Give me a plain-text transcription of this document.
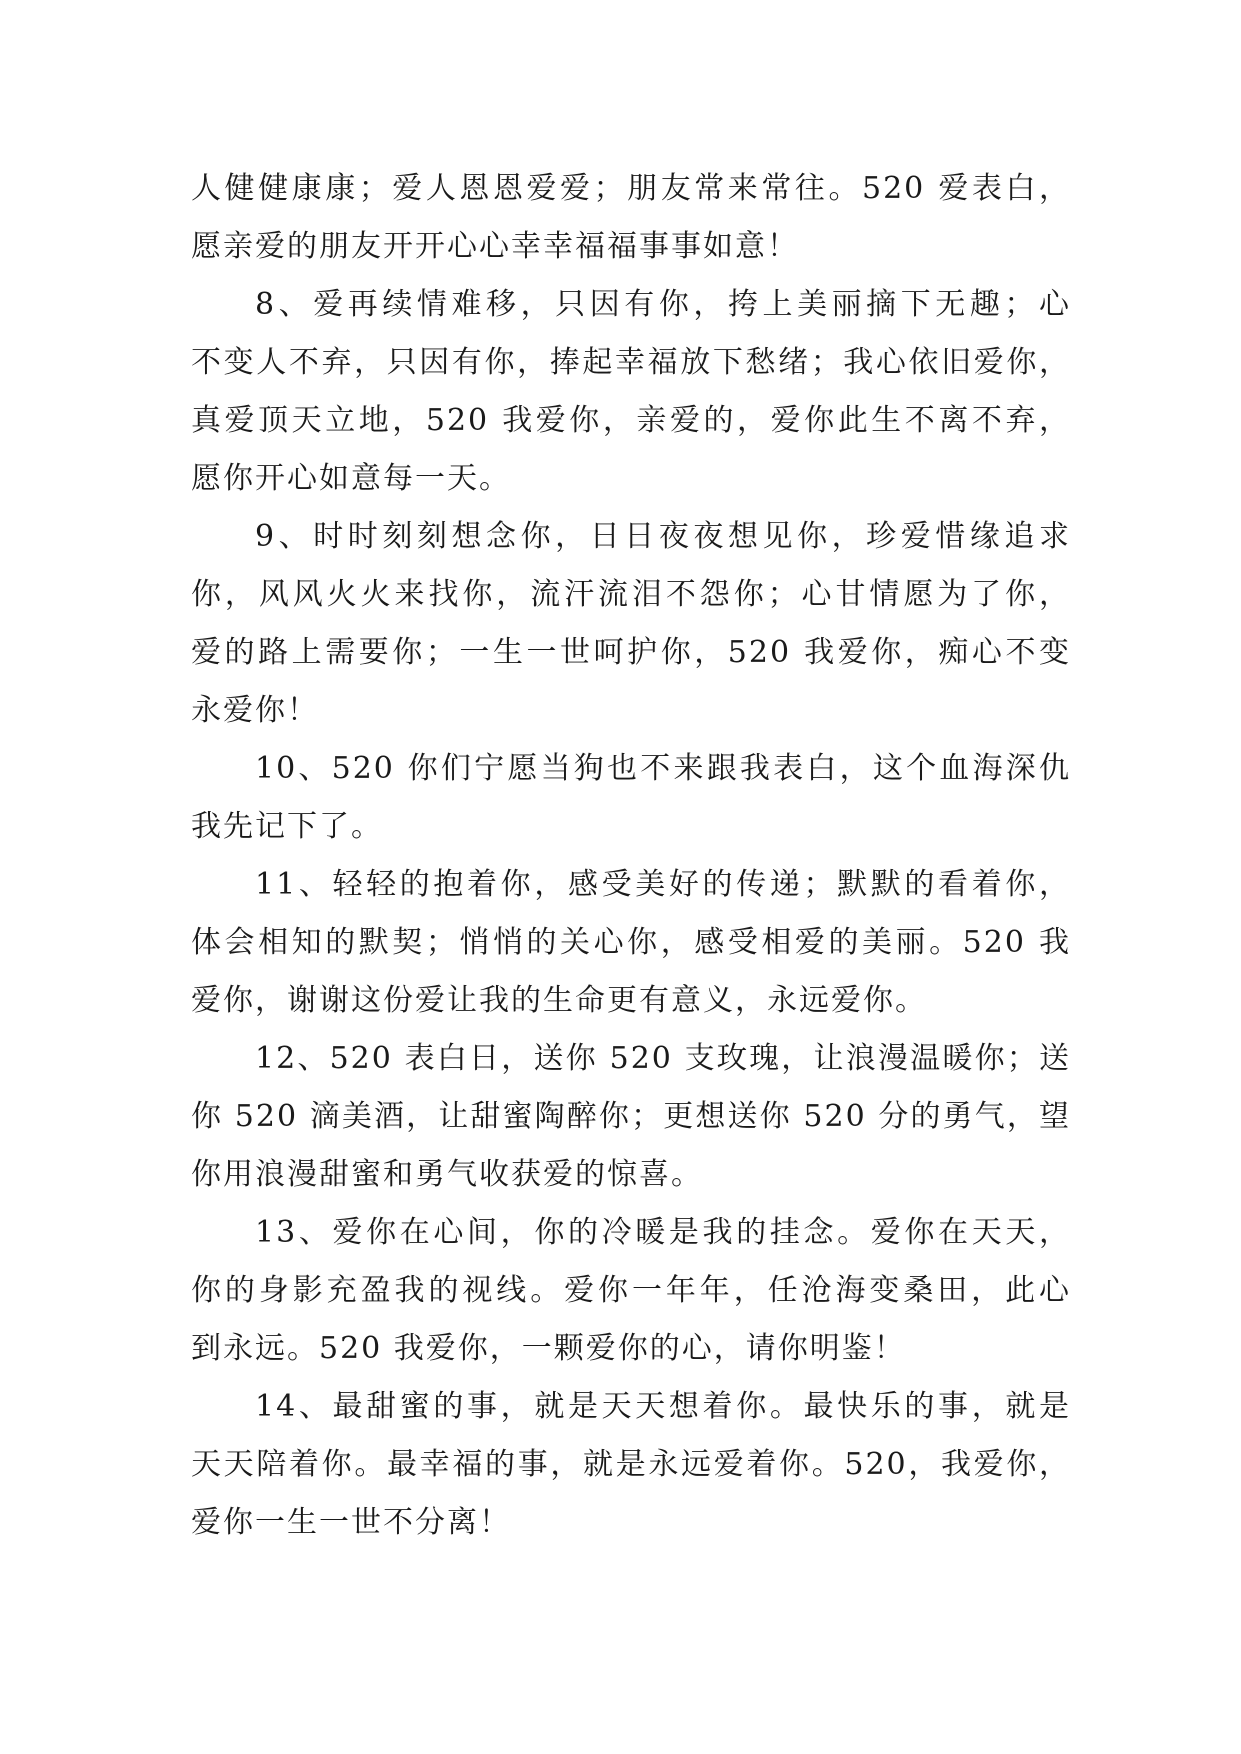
人健健康康；爱人恩恩爱爱；朋友常来常往。520 爱表白，
愿亲爱的朋友开开心心幸幸福福事事如意！
8、爱再续情难移，只因有你，挎上美丽摘下无趣；心
不变人不弃，只因有你，捧起幸福放下愁绪；我心依旧爱你，
真爱顶天立地，520 我爱你，亲爱的，爱你此生不离不弃，
愿你开心如意每一天。
9、时时刻刻想念你，日日夜夜想见你，珍爱惜缘追求
你，风风火火来找你，流汗流泪不怨你；心甘情愿为了你，
爱的路上需要你；一生一世呵护你，520 我爱你，痴心不变
永爱你！
10、520 你们宁愿当狗也不来跟我表白，这个血海深仇
我先记下了。
11、轻轻的抱着你，感受美好的传递；默默的看着你，
体会相知的默契；悄悄的关心你，感受相爱的美丽。520 我
爱你，谢谢这份爱让我的生命更有意义，永远爱你。
12、520 表白日，送你 520 支玫瑰，让浪漫温暖你；送
你 520 滴美酒，让甜蜜陶醉你；更想送你 520 分的勇气，望
你用浪漫甜蜜和勇气收获爱的惊喜。
13、爱你在心间，你的冷暖是我的挂念。爱你在天天，
你的身影充盈我的视线。爱你一年年，任沧海变桑田，此心
到永远。520 我爱你，一颗爱你的心，请你明鉴！
14、最甜蜜的事，就是天天想着你。最快乐的事，就是
天天陪着你。最幸福的事，就是永远爱着你。520，我爱你，
爱你一生一世不分离！
